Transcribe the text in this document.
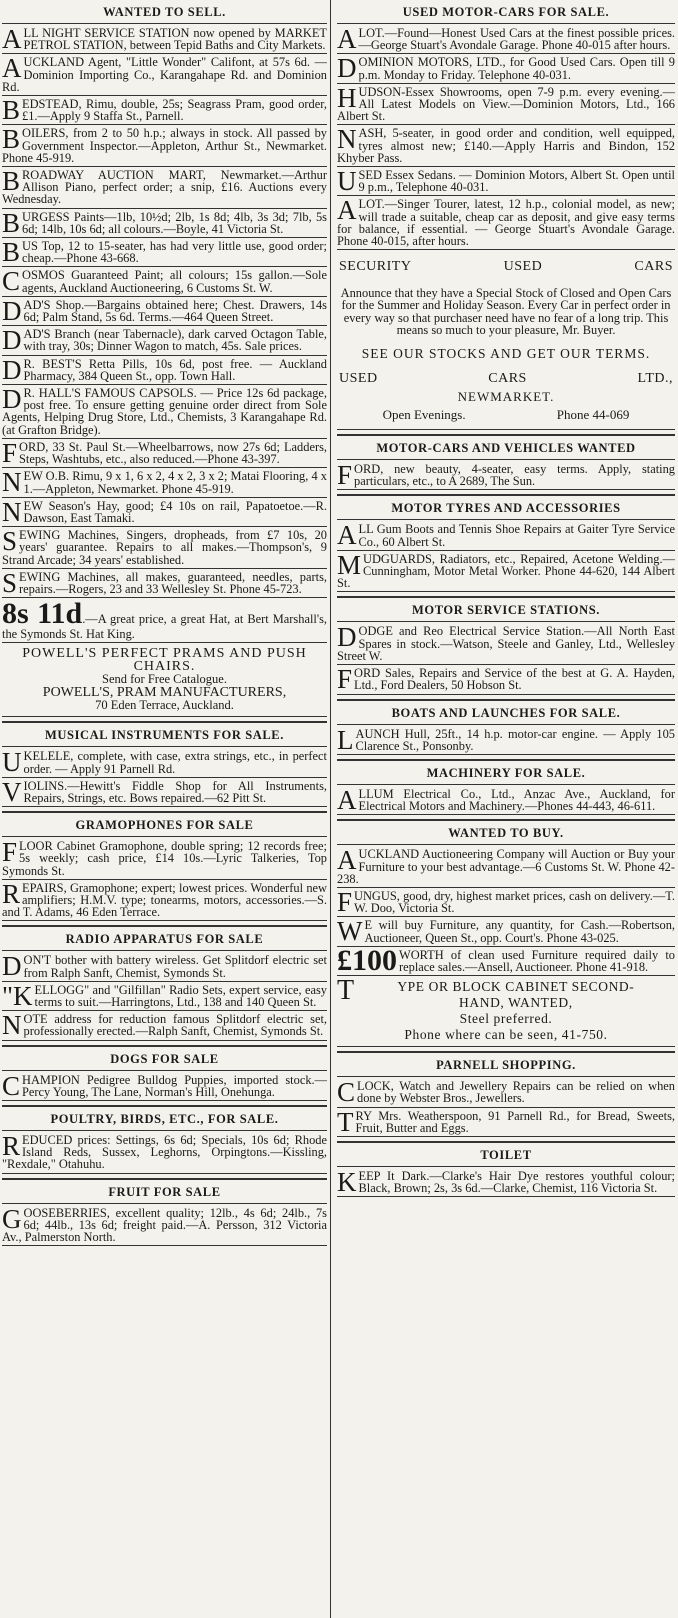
WANTED TO SELL.
ALL NIGHT SERVICE STATION now opened by MARKET PETROL STATION, between Tepid Baths and City Markets.
AUCKLAND Agent, "Little Wonder" Califont, at 57s 6d. — Dominion Importing Co., Karangahape Rd. and Dominion Rd.
BEDSTEAD, Rimu, double, 25s; Seagrass Pram, good order, £1.—Apply 9 Staffa St., Parnell.
BOILERS, from 2 to 50 h.p.; always in stock. All passed by Government Inspector.—Appleton, Arthur St., Newmarket. Phone 45-919.
BROADWAY AUCTION MART, Newmarket.—Arthur Allison Piano, perfect order; a snip, £16. Auctions every Wednesday.
BURGESS Paints—1lb, 10½d; 2lb, 1s 8d; 4lb, 3s 3d; 7lb, 5s 6d; 14lb, 10s 6d; all colours.—Boyle, 41 Victoria St.
BUS Top, 12 to 15-seater, has had very little use, good order; cheap.—Phone 43-668.
COSMOS Guaranteed Paint; all colours; 15s gallon.—Sole agents, Auckland Auctioneering, 6 Customs St. W.
DAD'S Shop.—Bargains obtained here; Chest. Drawers, 14s 6d; Palm Stand, 5s 6d. Terms.—464 Queen Street.
DAD'S Branch (near Tabernacle), dark carved Octagon Table, with tray, 30s; Dinner Wagon to match, 45s. Sale prices.
D R. BEST'S Retta Pills, 10s 6d, post free. — Auckland Pharmacy, 384 Queen St., opp. Town Hall.
D R. HALL'S FAMOUS CAPSOLS. — Price 12s 6d package, post free. To ensure getting genuine order direct from Sole Agents, Helping Drug Store, Ltd., Chemists, 3 Karangahape Rd. (at Grafton Bridge).
FORD, 33 St. Paul St.—Wheelbarrows, now 27s 6d; Ladders, Steps, Washtubs, etc., also reduced.—Phone 43-397.
NEW O.B. Rimu, 9 x 1, 6 x 2, 4 x 2, 3 x 2; Matai Flooring, 4 x 1.—Appleton, Newmarket. Phone 45-919.
NEW Season's Hay, good; £4 10s on rail, Papatoetoe.—R. Dawson, East Tamaki.
SEWING Machines, Singers, dropheads, from £7 10s, 20 years' guarantee. Repairs to all makes.—Thompson's, 9 Strand Arcade; 34 years' established.
SEWING Machines, all makes, guaranteed, needles, parts, repairs.—Rogers, 23 and 33 Wellesley St. Phone 45-723.
8s 11d.—A great price, a great Hat, at Bert Marshall's, the Symonds St. Hat King.
POWELL'S PERFECT PRAMS AND PUSH CHAIRS.
Send for Free Catalogue.
POWELL'S, PRAM MANUFACTURERS,
70 Eden Terrace, Auckland.
MUSICAL INSTRUMENTS FOR SALE.
UKELELE, complete, with case, extra strings, etc., in perfect order. — Apply 91 Parnell Rd.
VIOLINS.—Hewitt's Fiddle Shop for All Instruments, Repairs, Strings, etc. Bows repaired.—62 Pitt St.
GRAMOPHONES FOR SALE
FLOOR Cabinet Gramophone, double spring; 12 records free; 5s weekly; cash price, £14 10s.—Lyric Talkeries, Top Symonds St.
REPAIRS, Gramophone; expert; lowest prices. Wonderful new amplifiers; H.M.V. type; tonearms, motors, accessories.—S. and T. Adams, 46 Eden Terrace.
RADIO APPARATUS FOR SALE
DON'T bother with battery wireless. Get Splitdorf electric set from Ralph Sanft, Chemist, Symonds St.
"KELLOGG" and "Gilfillan" Radio Sets, expert service, easy terms to suit.—Harringtons, Ltd., 138 and 140 Queen St.
NOTE address for reduction famous Splitdorf electric set, professionally erected.—Ralph Sanft, Chemist, Symonds St.
DOGS FOR SALE
CHAMPION Pedigree Bulldog Puppies, imported stock.—Percy Young, The Lane, Norman's Hill, Onehunga.
POULTRY, BIRDS, ETC., FOR SALE.
REDUCED prices: Settings, 6s 6d; Specials, 10s 6d; Rhode Island Reds, Sussex, Leghorns, Orpingtons.—Kissling, "Rexdale," Otahuhu.
FRUIT FOR SALE
GOOSEBERRIES, excellent quality; 12lb., 4s 6d; 24lb., 7s 6d; 44lb., 13s 6d; freight paid.—A. Persson, 312 Victoria Av., Palmerston North.
USED MOTOR-CARS FOR SALE.
ALOT.—Found—Honest Used Cars at the finest possible prices.—George Stuart's Avondale Garage. Phone 40-015 after hours.
DOMINION MOTORS, LTD., for Good Used Cars. Open till 9 p.m. Monday to Friday. Telephone 40-031.
HUDSON-Essex Showrooms, open 7-9 p.m. every evening.—All Latest Models on View.—Dominion Motors, Ltd., 166 Albert St.
NASH, 5-seater, in good order and condition, well equipped, tyres almost new; £140.—Apply Harris and Bindon, 152 Khyber Pass.
USED Essex Sedans. — Dominion Motors, Albert St. Open until 9 p.m., Telephone 40-031.
ALOT.—Singer Tourer, latest, 12 h.p., colonial model, as new; will trade a suitable, cheap car as deposit, and give easy terms for balance, if essential. — George Stuart's Avondale Garage. Phone 40-015, after hours.
SECURITY	USED	CARS
Announce that they have a Special Stock of Closed and Open Cars for the Summer and Holiday Season. Every Car in perfect order in every way so that purchaser need have no fear of a long trip. This means so much to your pleasure, Mr. Buyer.
SEE OUR STOCKS AND GET OUR TERMS.
USED	CARS	LTD.,
NEWMARKET.
Open Evenings.	Phone 44-069
MOTOR-CARS AND VEHICLES WANTED
FORD, new beauty, 4-seater, easy terms. Apply, stating particulars, etc., to A 2689, The Sun.
MOTOR TYRES AND ACCESSORIES
ALL Gum Boots and Tennis Shoe Repairs at Gaiter Tyre Service Co., 60 Albert St.
MUDGUARDS, Radiators, etc., Repaired, Acetone Welding.—Cunningham, Motor Metal Worker. Phone 44-620, 144 Albert St.
MOTOR SERVICE STATIONS.
DODGE and Reo Electrical Service Station.—All North East Spares in stock.—Watson, Steele and Ganley, Ltd., Wellesley Street W.
FORD Sales, Repairs and Service of the best at G. A. Hayden, Ltd., Ford Dealers, 50 Hobson St.
BOATS AND LAUNCHES FOR SALE.
LAUNCH Hull, 25ft., 14 h.p. motor-car engine. — Apply 105 Clarence St., Ponsonby.
MACHINERY FOR SALE.
ALLUM Electrical Co., Ltd., Anzac Ave., Auckland, for Electrical Motors and Machinery.—Phones 44-443, 46-611.
WANTED TO BUY.
AUCKLAND Auctioneering Company will Auction or Buy your Furniture to your best advantage.—6 Customs St. W. Phone 42-238.
FUNGUS, good, dry, highest market prices, cash on delivery.—T. W. Doo, Victoria St.
W E will buy Furniture, any quantity, for Cash.—Robertson, Auctioneer, Queen St., opp. Court's. Phone 43-025.
£100 WORTH of clean used Furniture required daily to replace sales.—Ansell, Auctioneer. Phone 41-918.
T	YPE OR BLOCK CABINET SECOND-
HAND, WANTED,
Steel preferred.
Phone where can be seen, 41-750.
PARNELL SHOPPING.
CLOCK, Watch and Jewellery Repairs can be relied on when done by Webster Bros., Jewellers.
TRY Mrs. Weatherspoon, 91 Parnell Rd., for Bread, Sweets, Fruit, Butter and Eggs.
TOILET
KEEP It Dark.—Clarke's Hair Dye restores youthful colour; Black, Brown; 2s, 3s 6d.—Clarke, Chemist, 116 Victoria St.
